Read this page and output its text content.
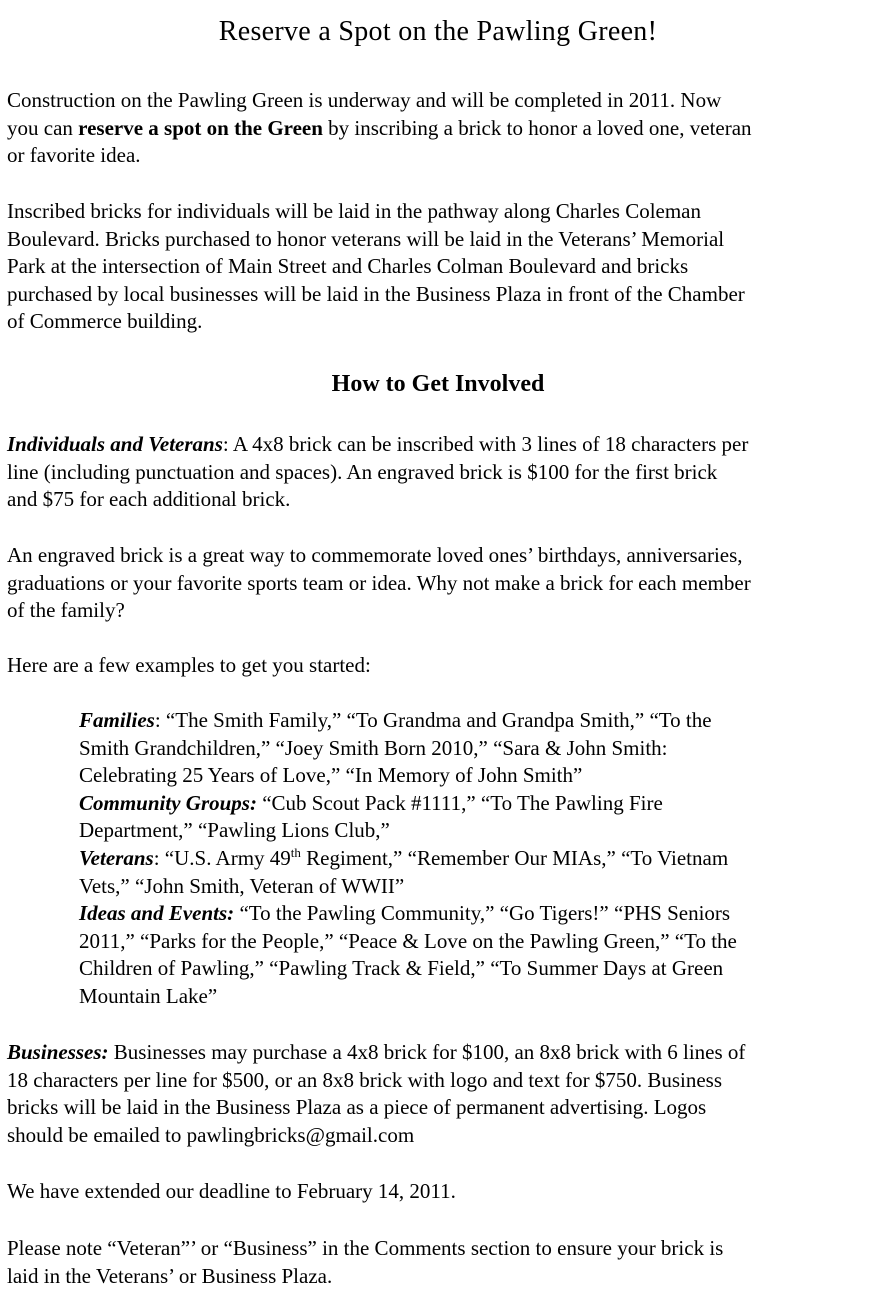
Reserve a Spot on the Pawling Green!

Construction on the Pawling Green is underway and will be completed in 2011. Now
you can reserve a spot on the Green by inscribing a brick to honor a loved one, veteran
or favorite idea.

Inscribed bricks for individuals will be laid in the pathway along Charles Coleman
Boulevard. Bricks purchased to honor veterans will be laid in the Veterans’ Memorial
Park at the intersection of Main Street and Charles Colman Boulevard and bricks
purchased by local businesses will be laid in the Business Plaza in front of the Chamber
of Commerce building.

How to Get Involved

Individuals and Veterans: A 4x8 brick can be inscribed with 3 lines of 18 characters per
line (including punctuation and spaces). An engraved brick is $100 for the first brick
and $75 for each additional brick.

An engraved brick is a great way to commemorate loved ones’ birthdays, anniversaries,
graduations or your favorite sports team or idea. Why not make a brick for each member
of the family?

Here are a few examples to get you started:

Families: “The Smith Family,” “To Grandma and Grandpa Smith,” “To the
Smith Grandchildren,” “Joey Smith Born 2010,” “Sara & John Smith:
Celebrating 25 Years of Love,” “In Memory of John Smith”
Community Groups: “Cub Scout Pack #1111,” “To The Pawling Fire
Department,” “Pawling Lions Club,”
Veterans: “U.S. Army 49th Regiment,” “Remember Our MIAs,” “To Vietnam
Vets,” “John Smith, Veteran of WWII”
Ideas and Events: “To the Pawling Community,” “Go Tigers!” “PHS Seniors
2011,” “Parks for the People,” “Peace & Love on the Pawling Green,” “To the
Children of Pawling,” “Pawling Track & Field,” “To Summer Days at Green
Mountain Lake”

Businesses: Businesses may purchase a 4x8 brick for $100, an 8x8 brick with 6 lines of
18 characters per line for $500, or an 8x8 brick with logo and text for $750. Business
bricks will be laid in the Business Plaza as a piece of permanent advertising. Logos
should be emailed to pawlingbricks@gmail.com

We have extended our deadline to February 14, 2011.

Please note “Veteran”’ or “Business” in the Comments section to ensure your brick is
laid in the Veterans’ or Business Plaza.
